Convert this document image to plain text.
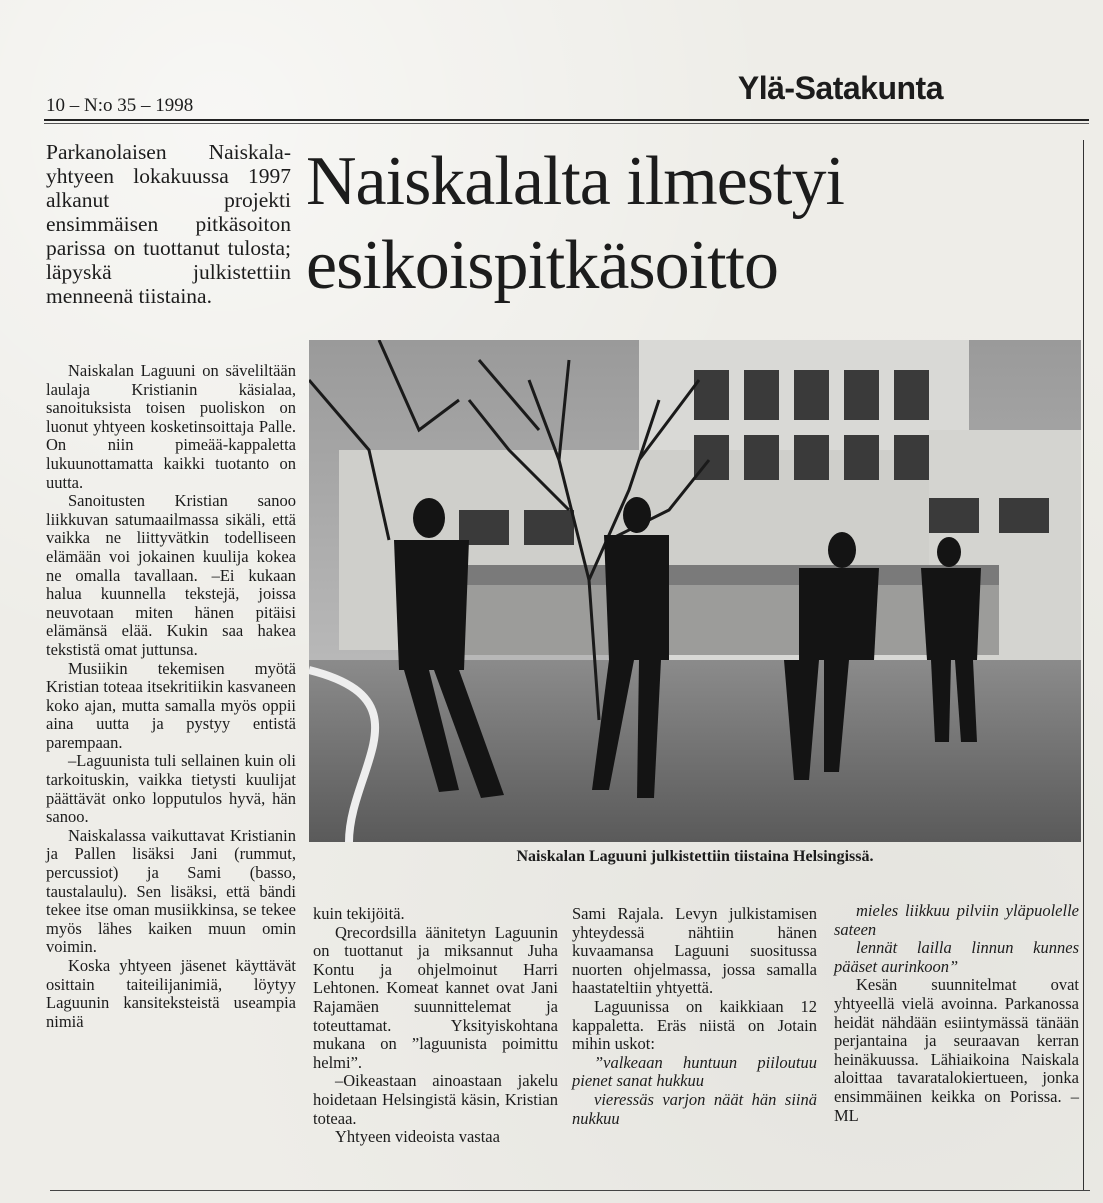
10 – N:o 35 – 1998	Ylä-Satakunta
Parkanolaisen Naiskala-yhtyeen lokakuussa 1997 alkanut projekti ensimmäisen pitkäsoiton parissa on tuottanut tulosta; läpyskä julkistettiin menneenä tiistaina.
Naiskalalta ilmestyi
esikoispitkäsoitto
Naiskalan Laguuni julkistettiin tiistaina Helsingissä.

Naiskalan Laguuni on säveliltään laulaja Kristianin käsialaa, sanoituksista toisen puoliskon on luonut yhtyeen kosketinsoittaja Palle. On niin pimeää-kappaletta lukuunottamatta kaikki tuotanto on uutta.

Sanoitusten Kristian sanoo liikkuvan satumaailmassa sikäli, että vaikka ne liittyvätkin todelliseen elämään voi jokainen kuulija kokea ne omalla tavallaan. –Ei kukaan halua kuunnella tekstejä, joissa neuvotaan miten hänen pitäisi elämänsä elää. Kukin saa hakea tekstistä omat juttunsa.

Musiikin tekemisen myötä Kristian toteaa itsekritiikin kasvaneen koko ajan, mutta samalla myös oppii aina uutta ja pystyy entistä parempaan.

–Laguunista tuli sellainen kuin oli tarkoituskin, vaikka tietysti kuulijat päättävät onko lopputulos hyvä, hän sanoo.

Naiskalassa vaikuttavat Kristianin ja Pallen lisäksi Jani (rummut, percussiot) ja Sami (basso, taustalaulu). Sen lisäksi, että bändi tekee itse oman musiikkinsa, se tekee myös lähes kaiken muun omin voimin.

Koska yhtyeen jäsenet käyttävät osittain taiteilijanimiä, löytyy Laguunin kansiteksteistä useampia nimiä

kuin tekijöitä.

Qrecordsilla äänitetyn Laguunin on tuottanut ja miksannut Juha Kontu ja ohjelmoinut Harri Lehtonen. Komeat kannet ovat Jani Rajamäen suunnittelemat ja toteuttamat. Yksityiskohtana mukana on ”laguunista poimittu helmi”.

–Oikeastaan ainoastaan jakelu hoidetaan Helsingistä käsin, Kristian toteaa.

Yhtyeen videoista vastaa

Sami Rajala. Levyn julkistamisen yhteydessä nähtiin hänen kuvaamansa Laguuni suositussa nuorten ohjelmassa, jossa samalla haastateltiin yhtyettä.

Laguunissa on kaikkiaan 12 kappaletta. Eräs niistä on Jotain mihin uskot:

”valkeaan huntuun piiloutuu pienet sanat hukkuu

vieressäs varjon näät hän siinä nukkuu

mieles liikkuu pilviin yläpuolelle sateen

lennät lailla linnun kunnes pääset aurinkoon”

Kesän suunnitelmat ovat yhtyeellä vielä avoinna. Parkanossa heidät nähdään esiintymässä tänään perjantaina ja seuraavan kerran heinäkuussa. Lähiaikoina Naiskala aloittaa tavaratalokiertueen, jonka ensimmäinen keikka on Porissa. –ML
